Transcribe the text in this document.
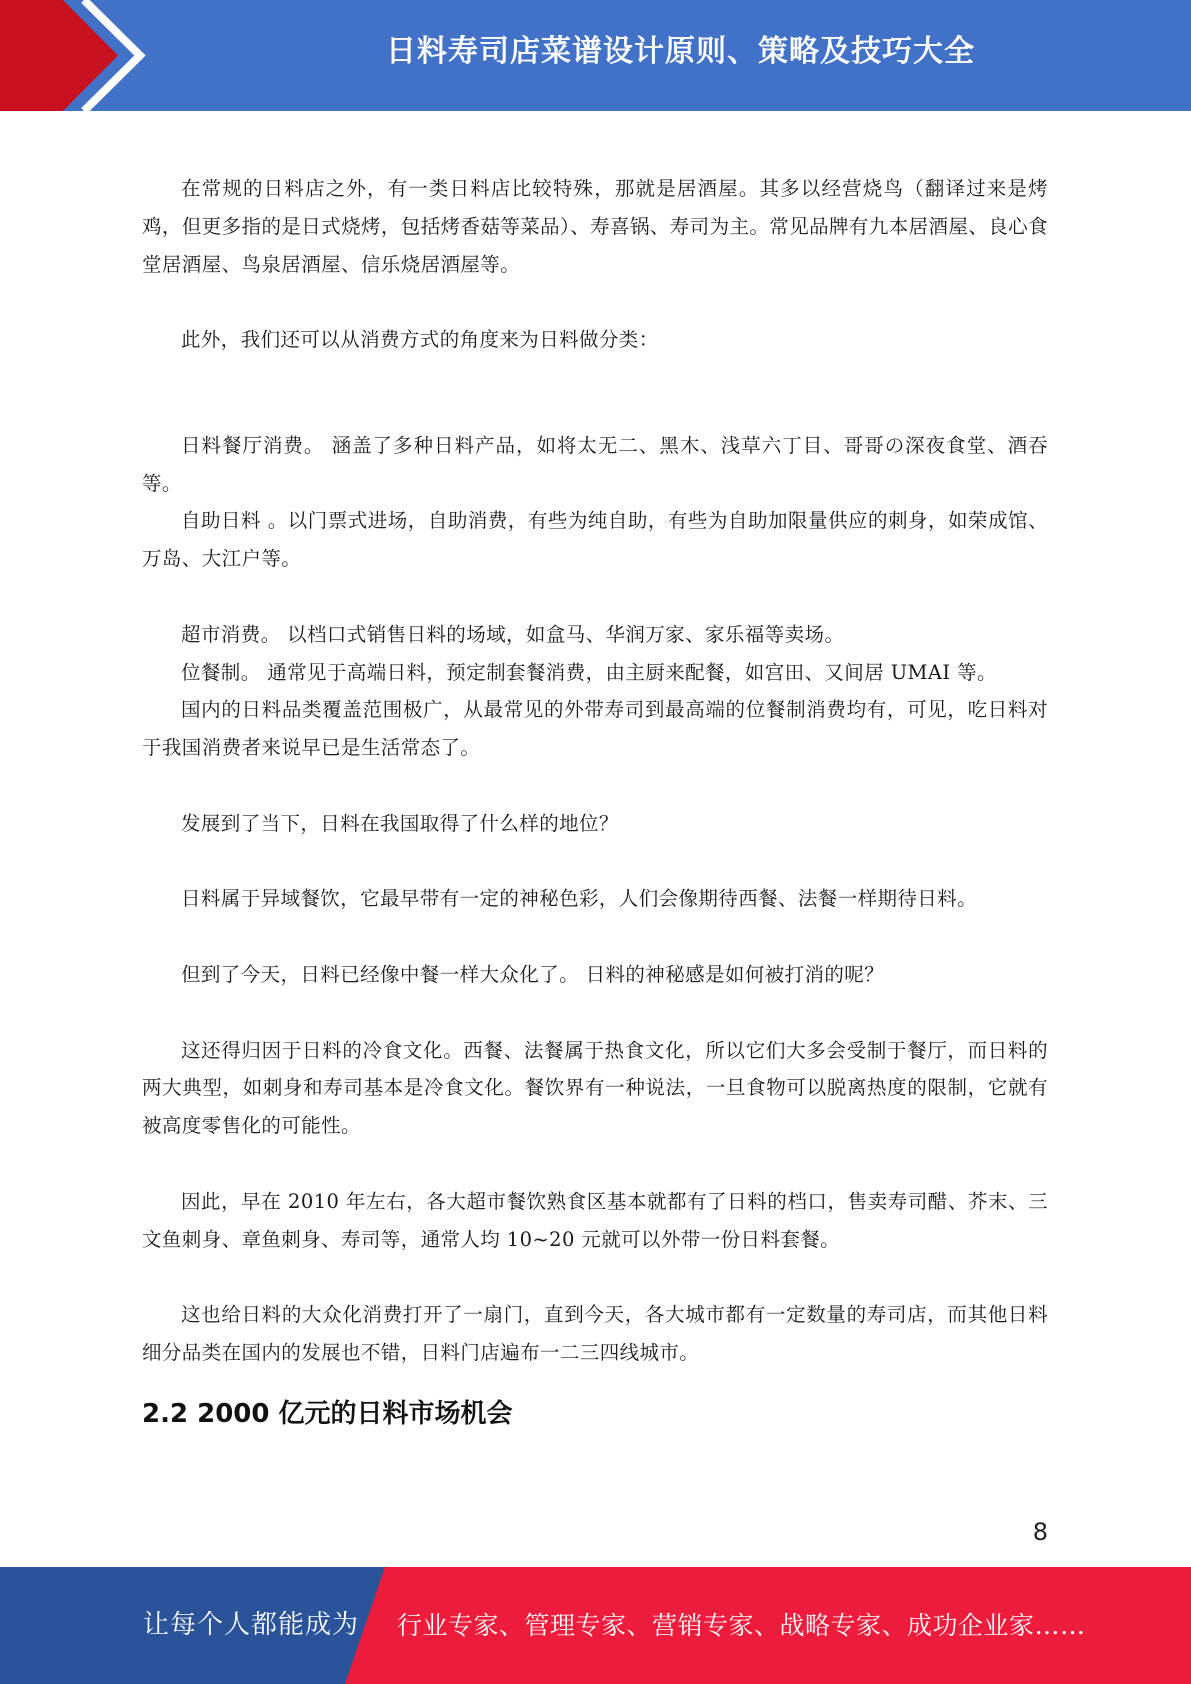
日料寿司店菜谱设计原则、策略及技巧大全

在常规的日料店之外，有一类日料店比较特殊，那就是居酒屋。其多以经营烧鸟（翻译过来是烤鸡，但更多指的是日式烧烤，包括烤香菇等菜品）、寿喜锅、寿司为主。常见品牌有九本居酒屋、良心食堂居酒屋、鸟泉居酒屋、信乐烧居酒屋等。

此外，我们还可以从消费方式的角度来为日料做分类：

日料餐厅消费。 涵盖了多种日料产品，如将太无二、黑木、浅草六丁目、哥哥の深夜食堂、酒吞等。

自助日料 。以门票式进场，自助消费，有些为纯自助，有些为自助加限量供应的刺身，如荣成馆、万岛、大江户等。

超市消费。 以档口式销售日料的场域，如盒马、华润万家、家乐福等卖场。

位餐制。 通常见于高端日料，预定制套餐消费，由主厨来配餐，如宫田、又间居 UMAI 等。

国内的日料品类覆盖范围极广，从最常见的外带寿司到最高端的位餐制消费均有，可见，吃日料对于我国消费者来说早已是生活常态了。

发展到了当下，日料在我国取得了什么样的地位？

日料属于异域餐饮，它最早带有一定的神秘色彩，人们会像期待西餐、法餐一样期待日料。

但到了今天，日料已经像中餐一样大众化了。 日料的神秘感是如何被打消的呢？

这还得归因于日料的冷食文化。西餐、法餐属于热食文化，所以它们大多会受制于餐厅，而日料的两大典型，如刺身和寿司基本是冷食文化。餐饮界有一种说法，一旦食物可以脱离热度的限制，它就有被高度零售化的可能性。

因此，早在 2010 年左右，各大超市餐饮熟食区基本就都有了日料的档口，售卖寿司醋、芥末、三文鱼刺身、章鱼刺身、寿司等，通常人均 10~20 元就可以外带一份日料套餐。

这也给日料的大众化消费打开了一扇门，直到今天，各大城市都有一定数量的寿司店，而其他日料细分品类在国内的发展也不错，日料门店遍布一二三四线城市。

2.2 2000 亿元的日料市场机会
8
让每个人都能成为 行业专家、管理专家、营销专家、战略专家、成功企业家……
